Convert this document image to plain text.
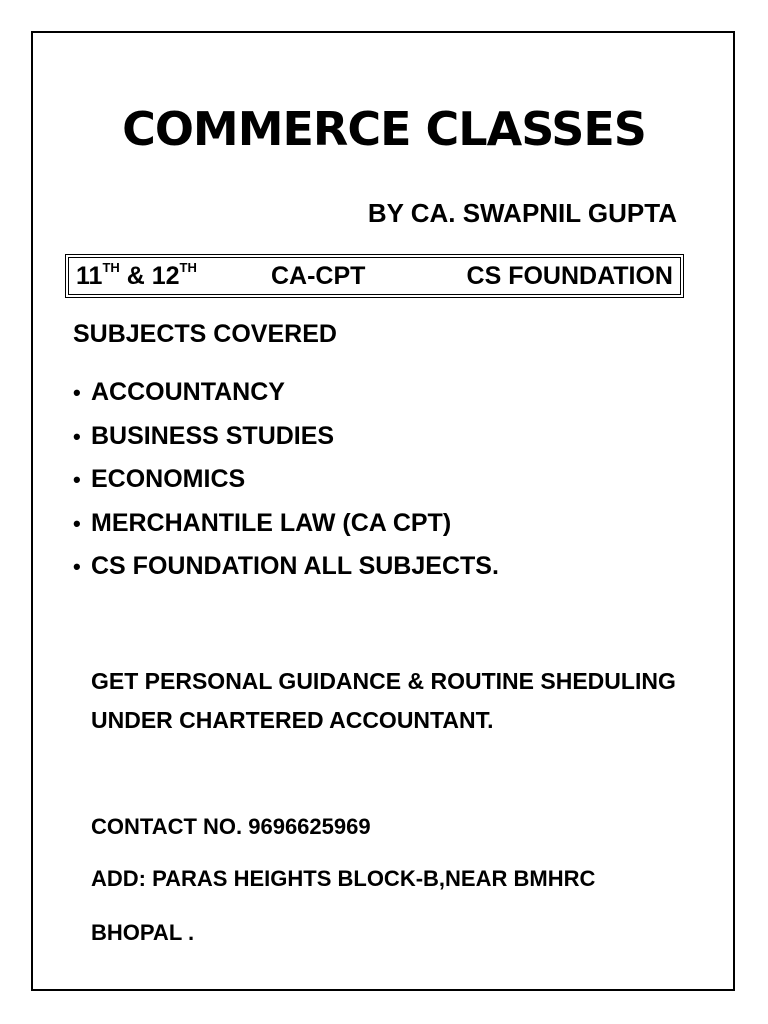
COMMERCE CLASSES

BY CA. SWAPNIL GUPTA

11TH & 12TH	CA-CPT	CS FOUNDATION

SUBJECTS COVERED

• ACCOUNTANCY
• BUSINESS STUDIES
• ECONOMICS
• MERCHANTILE LAW (CA CPT)
• CS FOUNDATION ALL SUBJECTS.

GET PERSONAL GUIDANCE & ROUTINE SHEDULING
UNDER CHARTERED ACCOUNTANT.

CONTACT NO. 9696625969

ADD: PARAS HEIGHTS BLOCK-B,NEAR BMHRC

BHOPAL .
